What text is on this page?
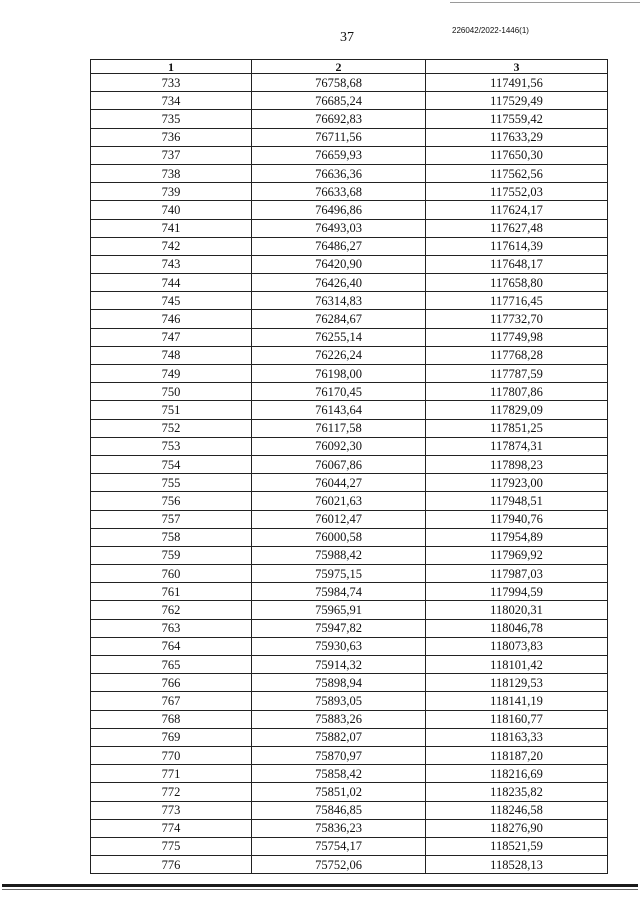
37	226042/2022-1446(1)
1	2	3
733	76758,68	117491,56
734	76685,24	117529,49
735	76692,83	117559,42
736	76711,56	117633,29
737	76659,93	117650,30
738	76636,36	117562,56
739	76633,68	117552,03
740	76496,86	117624,17
741	76493,03	117627,48
742	76486,27	117614,39
743	76420,90	117648,17
744	76426,40	117658,80
745	76314,83	117716,45
746	76284,67	117732,70
747	76255,14	117749,98
748	76226,24	117768,28
749	76198,00	117787,59
750	76170,45	117807,86
751	76143,64	117829,09
752	76117,58	117851,25
753	76092,30	117874,31
754	76067,86	117898,23
755	76044,27	117923,00
756	76021,63	117948,51
757	76012,47	117940,76
758	76000,58	117954,89
759	75988,42	117969,92
760	75975,15	117987,03
761	75984,74	117994,59
762	75965,91	118020,31
763	75947,82	118046,78
764	75930,63	118073,83
765	75914,32	118101,42
766	75898,94	118129,53
767	75893,05	118141,19
768	75883,26	118160,77
769	75882,07	118163,33
770	75870,97	118187,20
771	75858,42	118216,69
772	75851,02	118235,82
773	75846,85	118246,58
774	75836,23	118276,90
775	75754,17	118521,59
776	75752,06	118528,13
